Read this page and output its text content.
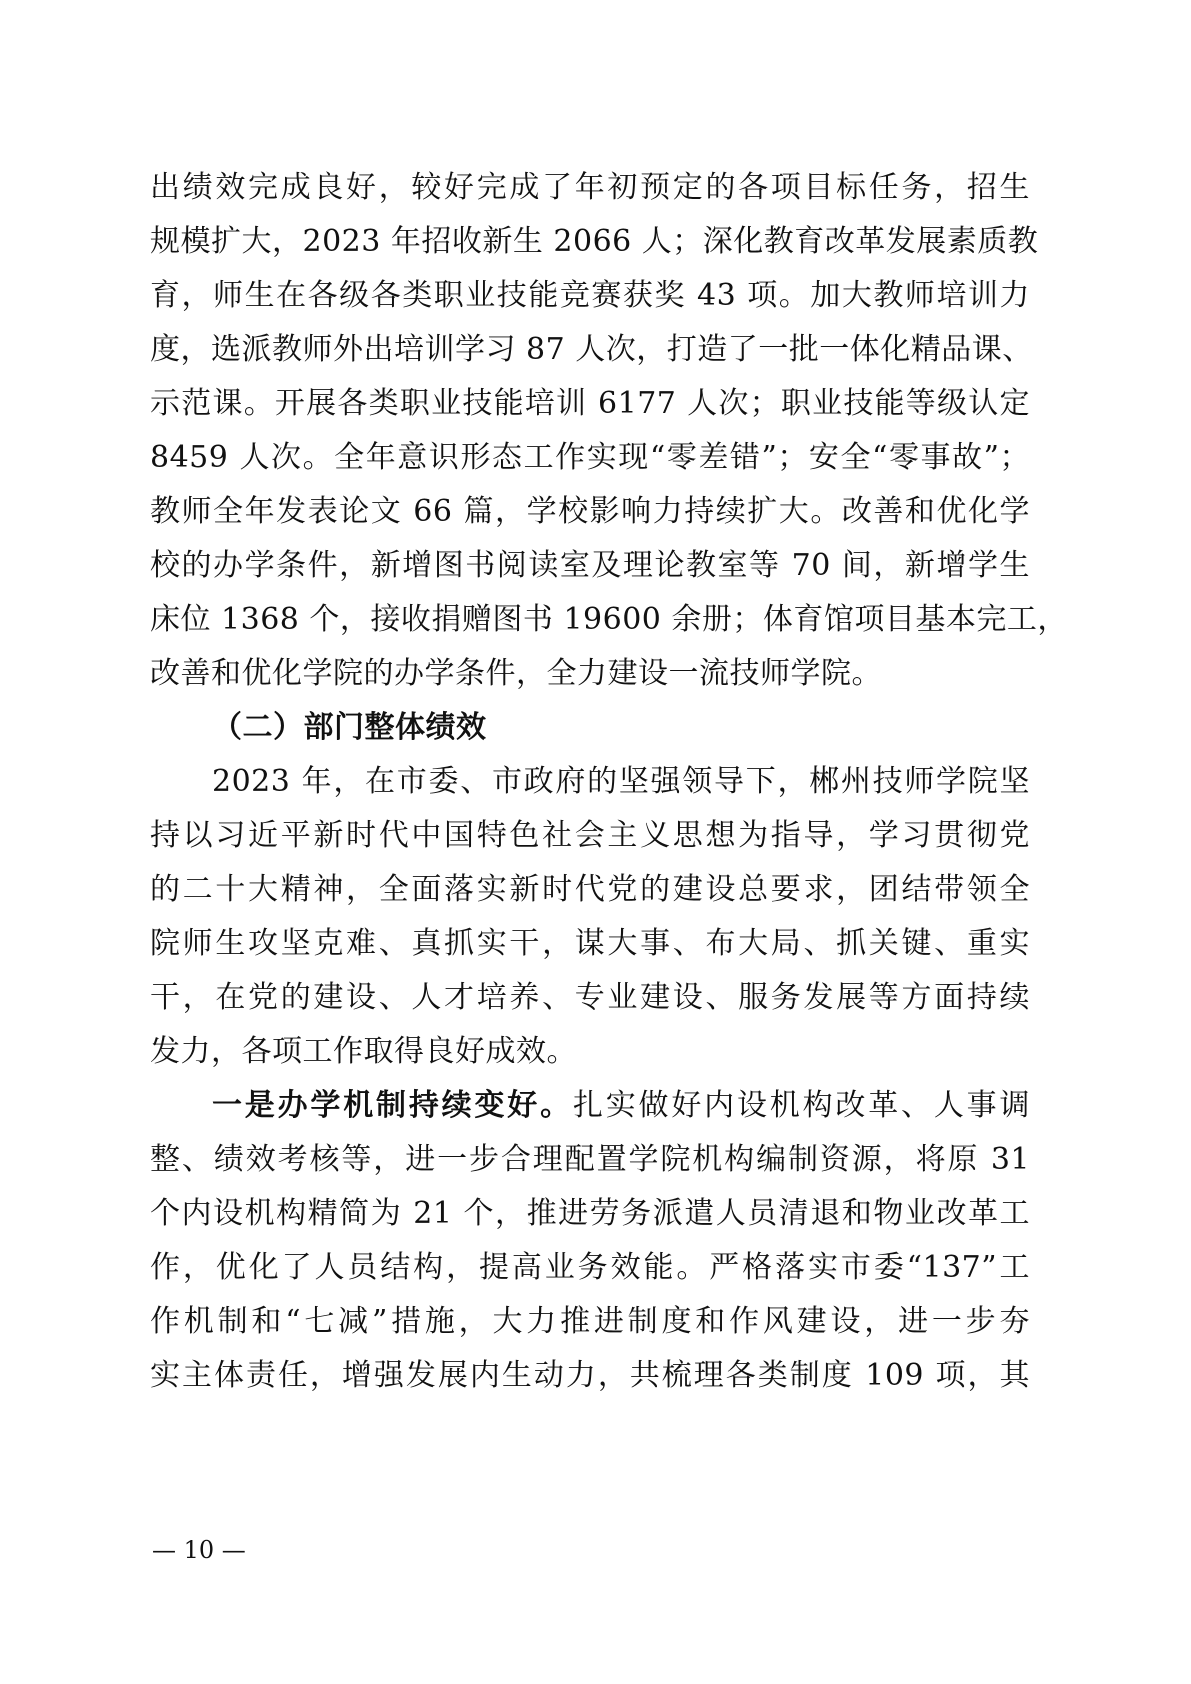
出绩效完成良好，较好完成了年初预定的各项目标任务，招生
规模扩大，2023 年招收新生 2066 人；深化教育改革发展素质教
育，师生在各级各类职业技能竞赛获奖 43 项。加大教师培训力
度，选派教师外出培训学习 87 人次，打造了一批一体化精品课、
示范课。开展各类职业技能培训 6177 人次；职业技能等级认定
8459 人次。全年意识形态工作实现“零差错”；安全“零事故”；
教师全年发表论文 66 篇，学校影响力持续扩大。改善和优化学
校的办学条件，新增图书阅读室及理论教室等 70 间，新增学生
床位 1368 个，接收捐赠图书 19600 余册；体育馆项目基本完工，
改善和优化学院的办学条件，全力建设一流技师学院。
（二）部门整体绩效
2023 年，在市委、市政府的坚强领导下，郴州技师学院坚
持以习近平新时代中国特色社会主义思想为指导，学习贯彻党
的二十大精神，全面落实新时代党的建设总要求，团结带领全
院师生攻坚克难、真抓实干，谋大事、布大局、抓关键、重实
干，在党的建设、人才培养、专业建设、服务发展等方面持续
发力，各项工作取得良好成效。
一是办学机制持续变好。扎实做好内设机构改革、人事调
整、绩效考核等，进一步合理配置学院机构编制资源，将原 31
个内设机构精简为 21 个，推进劳务派遣人员清退和物业改革工
作，优化了人员结构，提高业务效能。严格落实市委“137”工
作机制和“七减”措施，大力推进制度和作风建设，进一步夯
实主体责任，增强发展内生动力，共梳理各类制度 109 项，其
— 10 —
